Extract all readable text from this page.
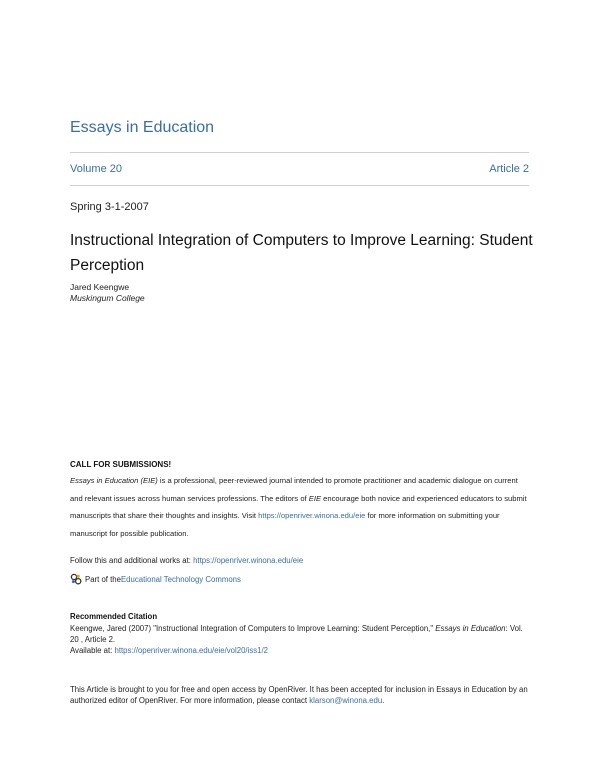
Essays in Education
Volume 20	Article 2
Spring 3-1-2007
Instructional Integration of Computers to Improve Learning: Student Perception
Jared Keengwe
Muskingum College
CALL FOR SUBMISSIONS!
Essays in Education (EIE) is a professional, peer-reviewed journal intended to promote practitioner and academic dialogue on current and relevant issues across human services professions. The editors of EIE encourage both novice and experienced educators to submit manuscripts that share their thoughts and insights. Visit https://openriver.winona.edu/eie for more information on submitting your manuscript for possible publication.
Follow this and additional works at: https://openriver.winona.edu/eie
Part of the Educational Technology Commons
Recommended Citation
Keengwe, Jared (2007) "Instructional Integration of Computers to Improve Learning: Student Perception," Essays in Education: Vol. 20 , Article 2.
Available at: https://openriver.winona.edu/eie/vol20/iss1/2
This Article is brought to you for free and open access by OpenRiver. It has been accepted for inclusion in Essays in Education by an authorized editor of OpenRiver. For more information, please contact klarson@winona.edu.
